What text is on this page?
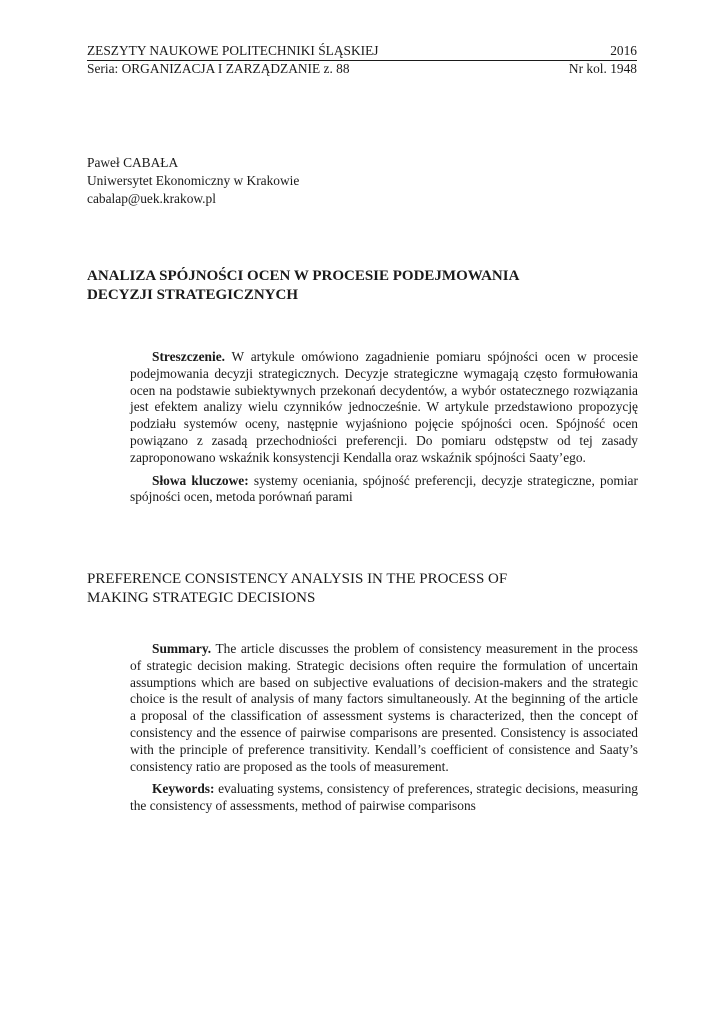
ZESZYTY NAUKOWE POLITECHNIKI ŚLĄSKIEJ	2016
Seria: ORGANIZACJA I ZARZĄDZANIE z. 88	Nr kol. 1948
Paweł CABAŁA
Uniwersytet Ekonomiczny w Krakowie
cabalap@uek.krakow.pl
ANALIZA SPÓJNOŚCI OCEN W PROCESIE PODEJMOWANIA
DECYZJI STRATEGICZNYCH

Streszczenie. W artykule omówiono zagadnienie pomiaru spójności ocen w procesie podejmowania decyzji strategicznych. Decyzje strategiczne wymagają często formułowania ocen na podstawie subiektywnych przekonań decydentów, a wybór ostatecznego rozwiązania jest efektem analizy wielu czynników jednocześnie. W artykule przedstawiono propozycję podziału systemów oceny, następnie wyjaśniono pojęcie spójności ocen. Spójność ocen powiązano z zasadą przechodniości preferencji. Do pomiaru odstępstw od tej zasady zaproponowano wskaźnik konsystencji Kendalla oraz wskaźnik spójności Saaty’ego.

Słowa kluczowe: systemy oceniania, spójność preferencji, decyzje strategiczne, pomiar spójności ocen, metoda porównań parami

PREFERENCE CONSISTENCY ANALYSIS IN THE PROCESS OF
MAKING STRATEGIC DECISIONS

Summary. The article discusses the problem of consistency measurement in the process of strategic decision making. Strategic decisions often require the formulation of uncertain assumptions which are based on subjective evaluations of decision-makers and the strategic choice is the result of analysis of many factors simultaneously. At the beginning of the article a proposal of the classification of assessment systems is characterized, then the concept of consistency and the essence of pairwise comparisons are presented. Consistency is associated with the principle of preference transitivity. Kendall’s coefficient of consistence and Saaty’s consistency ratio are proposed as the tools of measurement.

Keywords: evaluating systems, consistency of preferences, strategic decisions, measuring the consistency of assessments, method of pairwise comparisons
